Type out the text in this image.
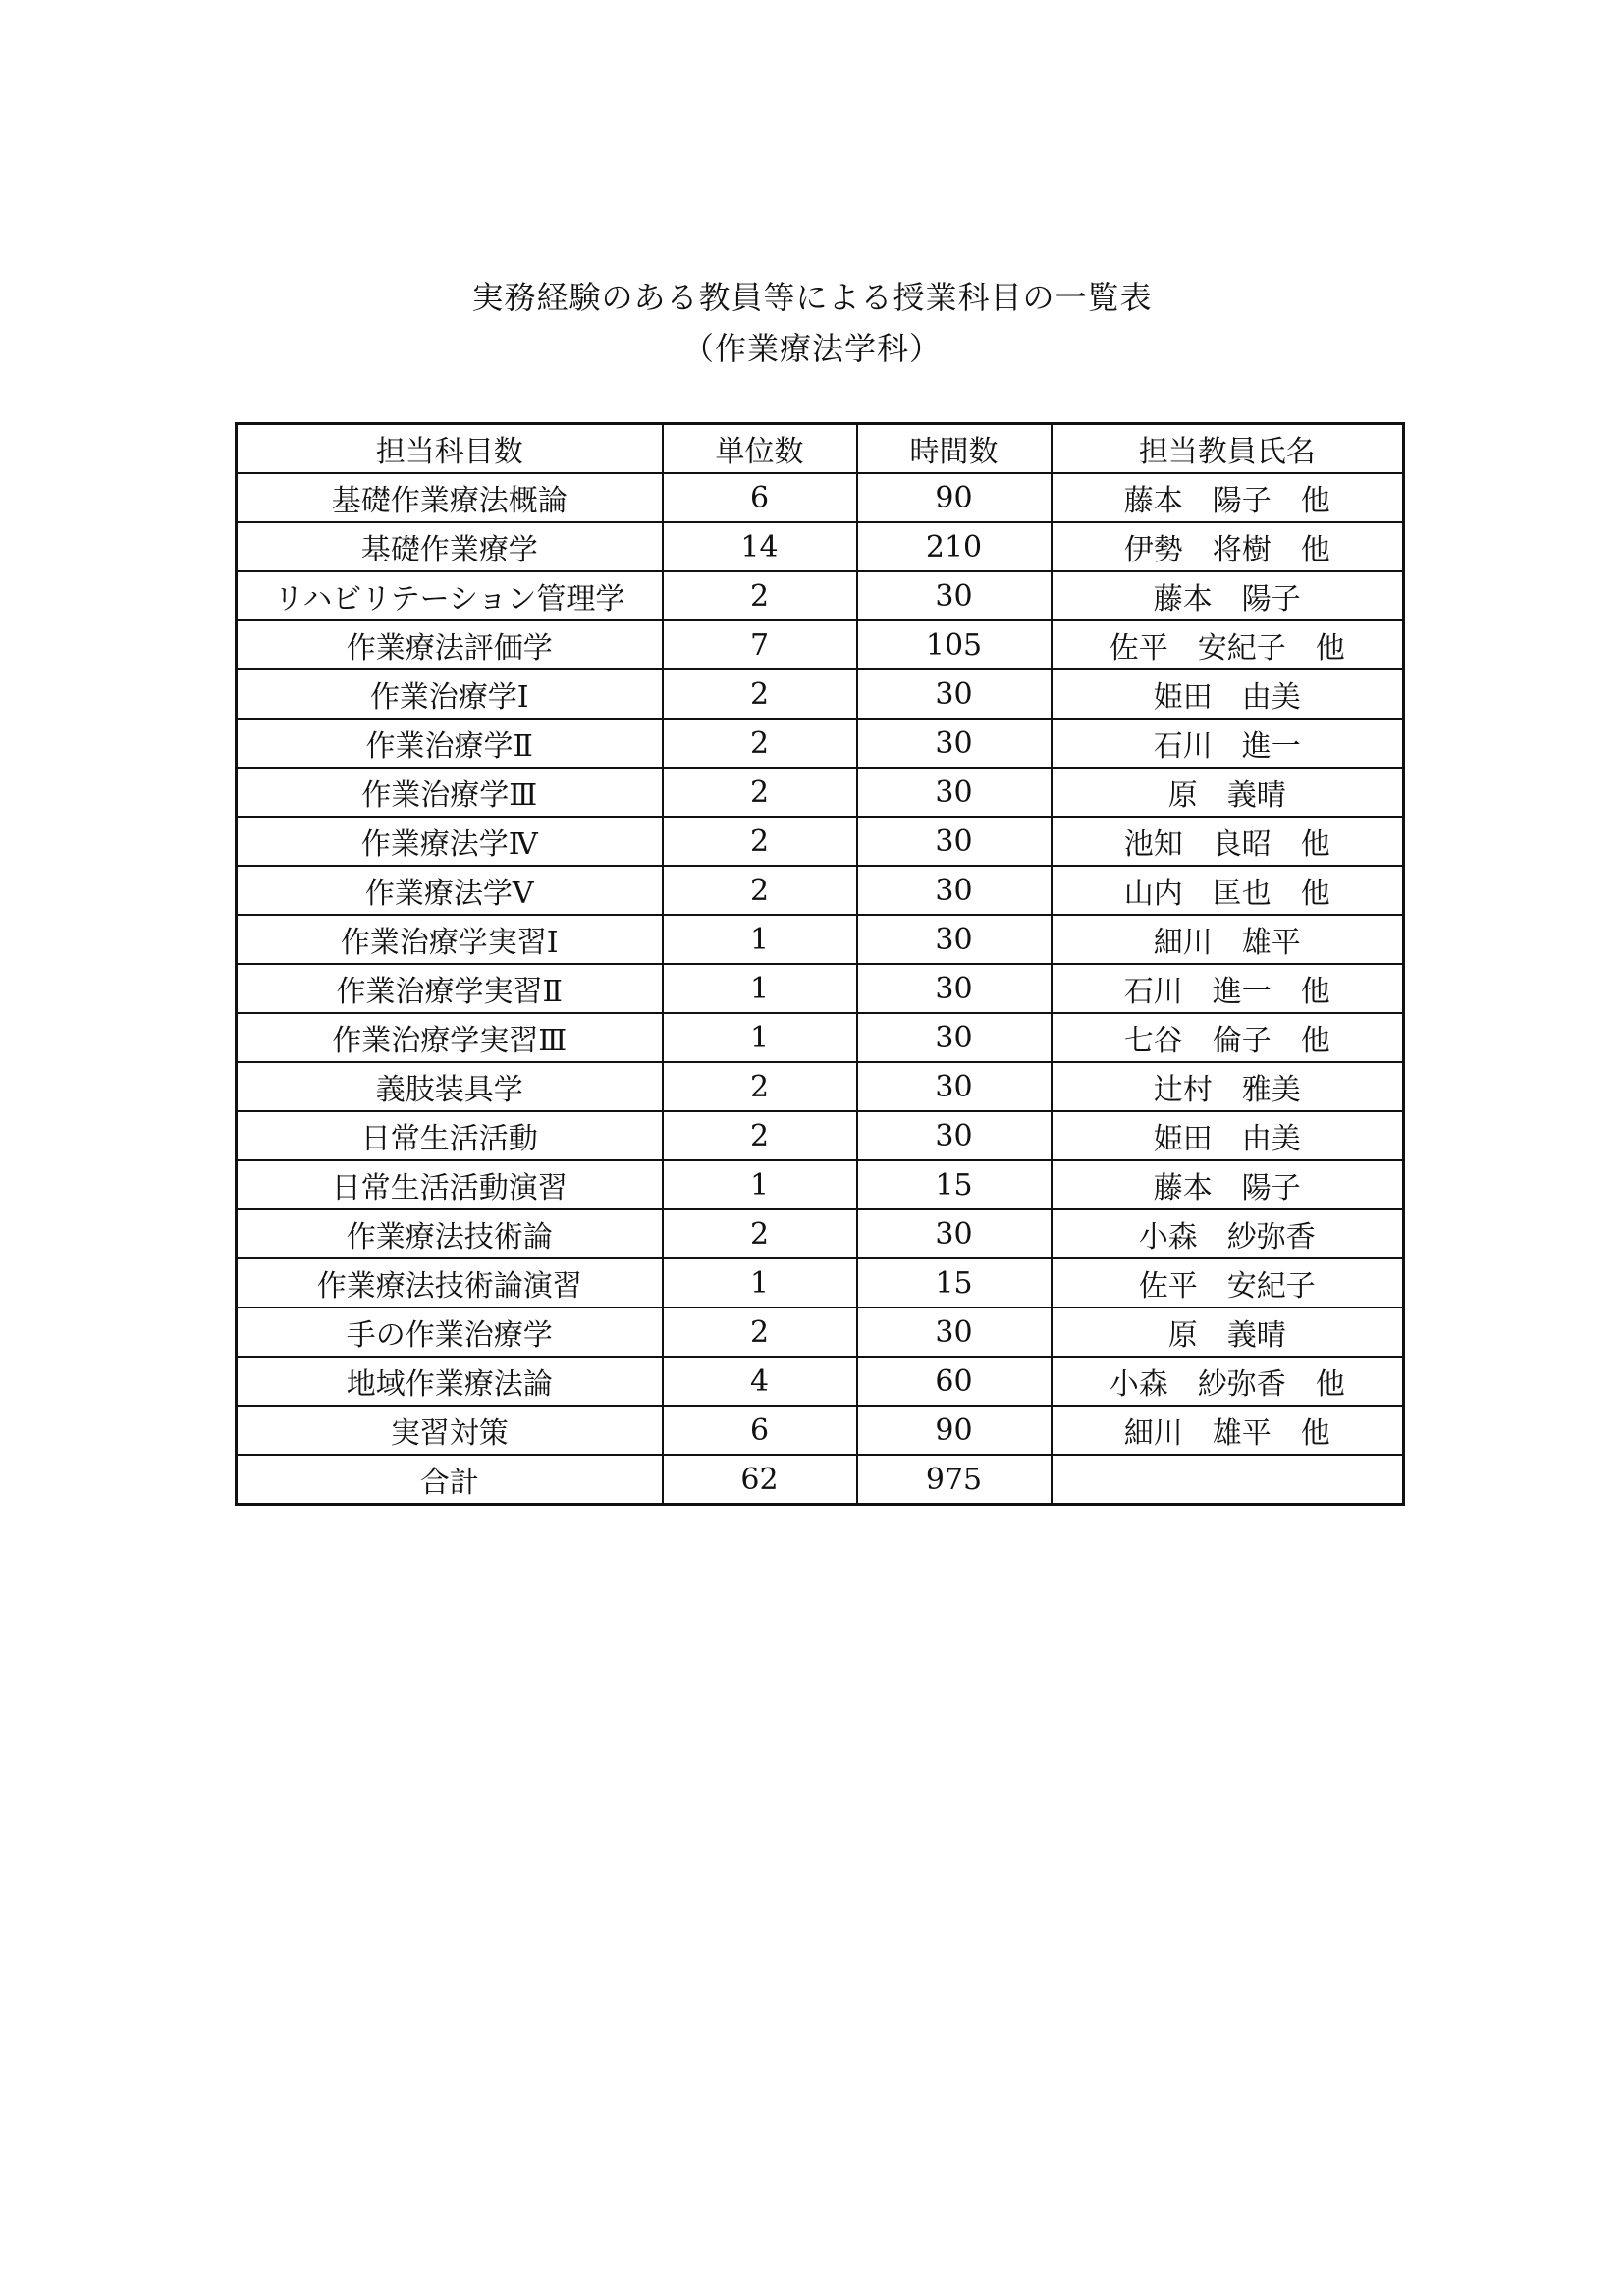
実務経験のある教員等による授業科目の一覧表
（作業療法学科）
担当科目数	単位数	時間数	担当教員氏名
基礎作業療法概論	6	90	藤本　陽子　他
基礎作業療学	14	210	伊勢　将樹　他
リハビリテーション管理学	2	30	藤本　陽子
作業療法評価学	7	105	佐平　安紀子　他
作業治療学Ⅰ	2	30	姫田　由美
作業治療学Ⅱ	2	30	石川　進一
作業治療学Ⅲ	2	30	原　義晴
作業療法学Ⅳ	2	30	池知　良昭　他
作業療法学Ⅴ	2	30	山内　匡也　他
作業治療学実習Ⅰ	1	30	細川　雄平
作業治療学実習Ⅱ	1	30	石川　進一　他
作業治療学実習Ⅲ	1	30	七谷　倫子　他
義肢装具学	2	30	辻村　雅美
日常生活活動	2	30	姫田　由美
日常生活活動演習	1	15	藤本　陽子
作業療法技術論	2	30	小森　紗弥香
作業療法技術論演習	1	15	佐平　安紀子
手の作業治療学	2	30	原　義晴
地域作業療法論	4	60	小森　紗弥香　他
実習対策	6	90	細川　雄平　他
合計	62	975	
